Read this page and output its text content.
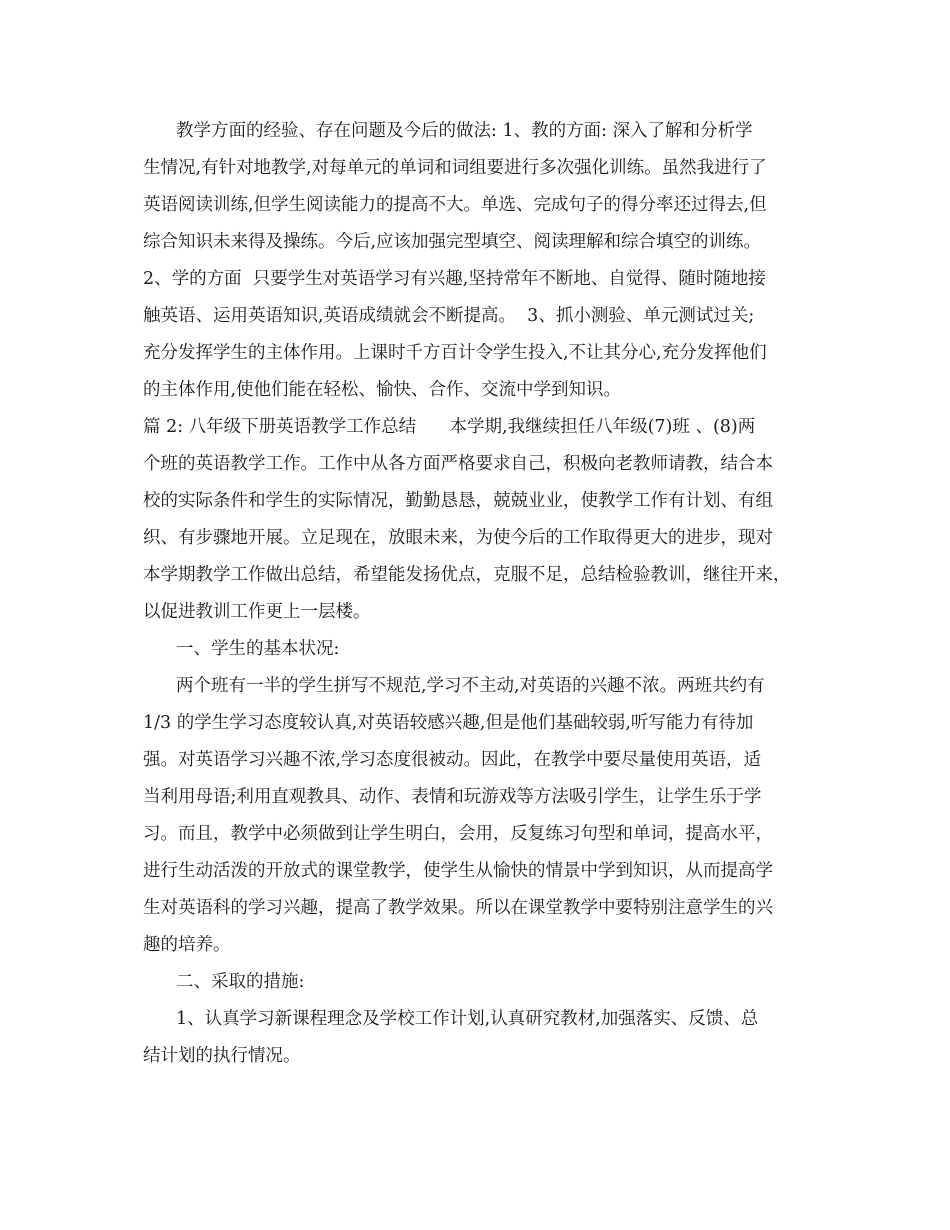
教学方面的经验、存在问题及今后的做法: 1、教的方面: 深入了解和分析学

生情况,有针对地教学,对每单元的单词和词组要进行多次强化训练。虽然我进行了

英语阅读训练,但学生阅读能力的提高不大。单选、完成句子的得分率还过得去,但

综合知识未来得及操练。今后,应该加强完型填空、阅读理解和综合填空的训练。

2、学的方面  只要学生对英语学习有兴趣,坚持常年不断地、自觉得、随时随地接

触英语、运用英语知识,英语成绩就会不断提高。  3、抓小测验、单元测试过关;

充分发挥学生的主体作用。上课时千方百计令学生投入,不让其分心,充分发挥他们

的主体作用,使他们能在轻松、愉快、合作、交流中学到知识。

篇 2: 八年级下册英语教学工作总结      本学期,我继续担任八年级(7)班 、(8)两

个班的英语教学工作。工作中从各方面严格要求自己，积极向老教师请教，结合本

校的实际条件和学生的实际情况，勤勤恳恳，兢兢业业，使教学工作有计划、有组

织、有步骤地开展。立足现在，放眼未来，为使今后的工作取得更大的进步，现对

本学期教学工作做出总结，希望能发扬优点，克服不足，总结检验教训，继往开来，

以促进教训工作更上一层楼。

一、学生的基本状况:

两个班有一半的学生拼写不规范,学习不主动,对英语的兴趣不浓。两班共约有

1/3 的学生学习态度较认真,对英语较感兴趣,但是他们基础较弱,听写能力有待加

强。对英语学习兴趣不浓,学习态度很被动。因此，在教学中要尽量使用英语，适

当利用母语;利用直观教具、动作、表情和玩游戏等方法吸引学生，让学生乐于学

习。而且，教学中必须做到让学生明白，会用，反复练习句型和单词，提高水平，

进行生动活泼的开放式的课堂教学，使学生从愉快的情景中学到知识，从而提高学

生对英语科的学习兴趣，提高了教学效果。所以在课堂教学中要特别注意学生的兴

趣的培养。

二、采取的措施:

1、认真学习新课程理念及学校工作计划,认真研究教材,加强落实、反馈、总

结计划的执行情况。
